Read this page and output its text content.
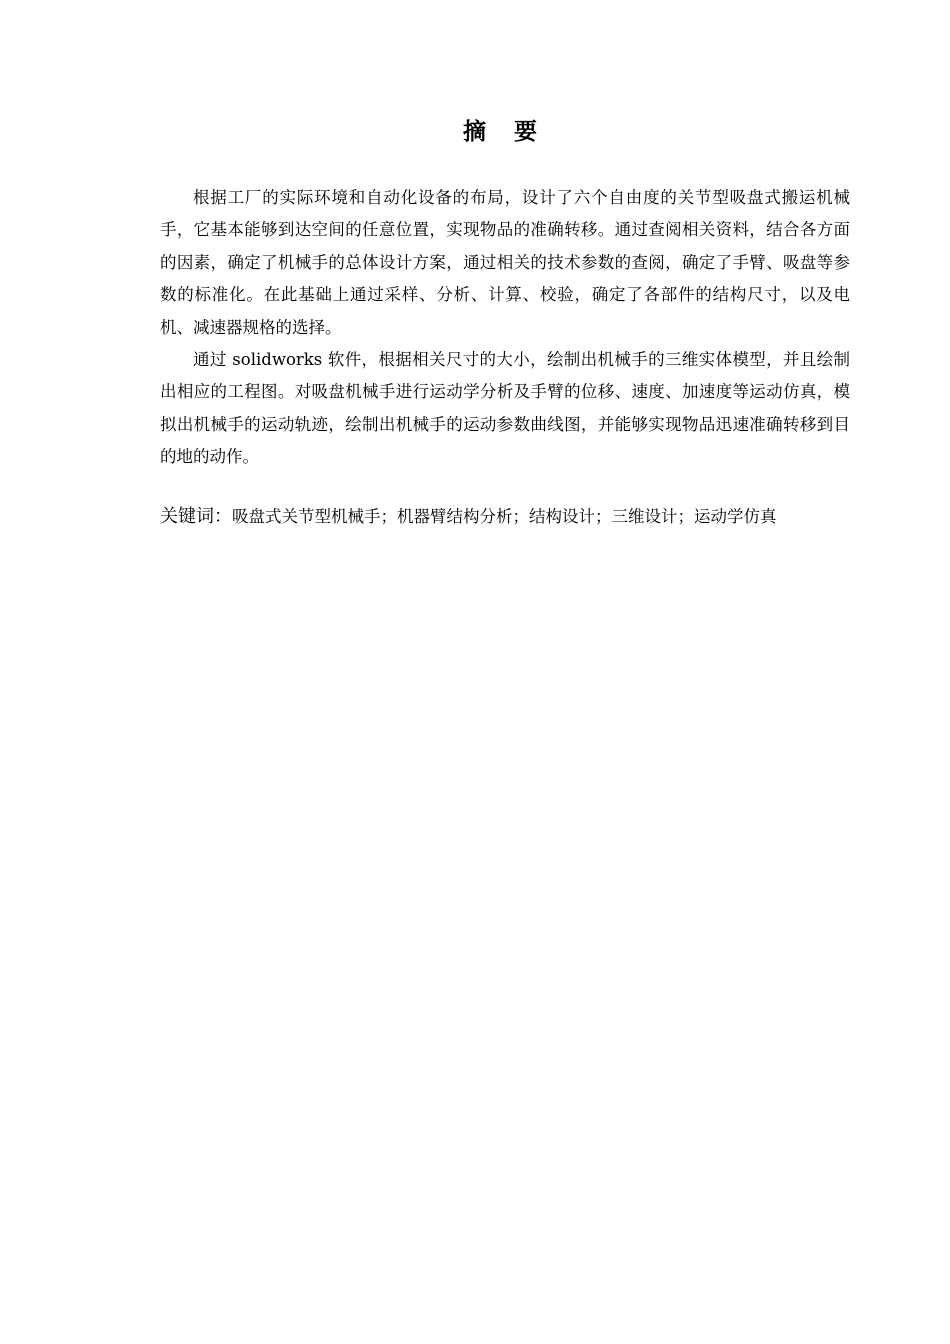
摘 要

根据工厂的实际环境和自动化设备的布局，设计了六个自由度的关节型吸盘式搬运机械手，它基本能够到达空间的任意位置，实现物品的准确转移。通过查阅相关资料，结合各方面的因素，确定了机械手的总体设计方案，通过相关的技术参数的查阅，确定了手臂、吸盘等参数的标准化。在此基础上通过采样、分析、计算、校验，确定了各部件的结构尺寸，以及电机、减速器规格的选择。

通过 solidworks 软件，根据相关尺寸的大小，绘制出机械手的三维实体模型，并且绘制出相应的工程图。对吸盘机械手进行运动学分析及手臂的位移、速度、加速度等运动仿真，模拟出机械手的运动轨迹，绘制出机械手的运动参数曲线图，并能够实现物品迅速准确转移到目的地的动作。

关键词：吸盘式关节型机械手；机器臂结构分析；结构设计；三维设计；运动学仿真
